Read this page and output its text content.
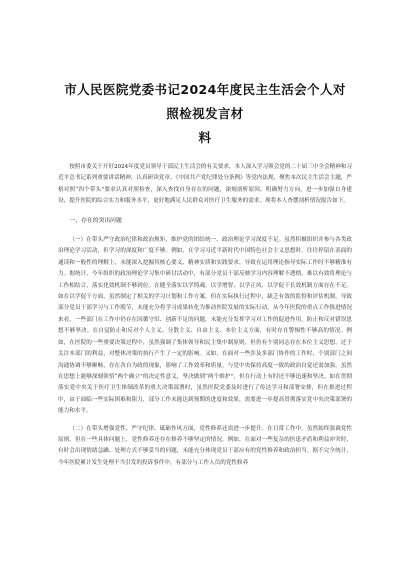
市人民医院党委书记2024年度民主生活会个人对照检视发言材
料

按照市委关于开好2024年度党员领导干部民主生活会的有关要求，本人深入学习领会党的二十届三中全会精神和习近平总书记系列重要讲话精神，认真研读党章、《中国共产党纪律处分条例》等党内法规，聚焦本次民主生活会主题，严格对照“四个带头”要求认真对照检查，深入查找自身存在的问题，深刻剖析原因，明确努力方向，进一步加强自身建设，提升医院的综合实力和服务水平，更好地满足人民群众对医疗卫生服务的需求。现将本人查摆剖析情况报告如下。

一、存在的突出问题

（一）在带头严守政治纪律和政治规矩，维护党的团结统一、政治理论学习深度不足。虽然积极组织并参与各类政治理论学习活动，但学习的深度和广度不够。例如，在学习习近平新时代中国特色社会主义思想时，往往停留在表面的通读和一般性的理解上，未能深入挖掘其核心要义、精神实质和实践要求，导致在运用理论指导实际工作时不够精准有力。据统计，今年组织的政治理论学习集中研讨活动中，有部分党员干部反映学习内容理解不透彻，难以有效将理论与工作相结合，落实化效机制不够到位。在健全落实以学铸魂、以学增智、以学正风、以学促干长效机制方面存在不足。如在以学促干方面，虽然制定了相关的学习计划和工作方案，但在实际执行过程中，缺乏有效的监督和评估机制，导致部分党员干部学习与工作脱节，未能充分将学习成果转化为推动医院发展的实际行动。从今年医院的重点工作推进情况来看，一些部门在工作中仍存在因循守旧、创新不足的问题，未能充分发挥学习对工作的促进作用，防止和反对错误思想不够坚决。在自觉防止和反对个人主义、分散主义、自由主义、本位主义方面，有时存在警惕性不够高的情况。例如，在医院的一些重要决策过程中，虽然强调了集体领导和民主集中制原则，但仍有个别同志存在本位主义思想，过于关注本部门的利益，对整体决策的执行产生了一定的影响。又如，在面对一些涉及多部门协作的工作时，个别部门之间沟通协调不够顺畅，存在各自为政的现象，影响了工作效率和质量。与党中央保持高度一致的政治自觉还需加强。虽然在思想上能够深刻领悟“两个确立”的决定性意义，坚决做到“两个维护”，但在行动上有时还不够迅速和坚决。如在贯彻落实党中央关于医疗卫生体制改革的重大决策部署时，虽然医院党委及时进行了传达学习和部署安排，但在推进过程中，由于面临一些实际困难和阻力，部分工作未能达到预期的进度和效果，需要进一步提高贯彻落实党中央决策部署的能力和水平。

（二）在带头增强党性、严守纪律、砥砺作风方面，党性修养还需进一步提升。在日常工作中，虽然始终强调党性原则，但在一些具体问题上，党性修养还存在修养不够坚定的情况。例如，在面对一些复杂的医患矛盾和利益冲突时，有时会出现情绪急躁、处理方式不够妥当的问题，未能充分体现党员干部应有的党性修养和政治担当。据不完全统计，今年医院累计发生处理不当引发的投诉事件中，有部分与工作人员的党性修养
